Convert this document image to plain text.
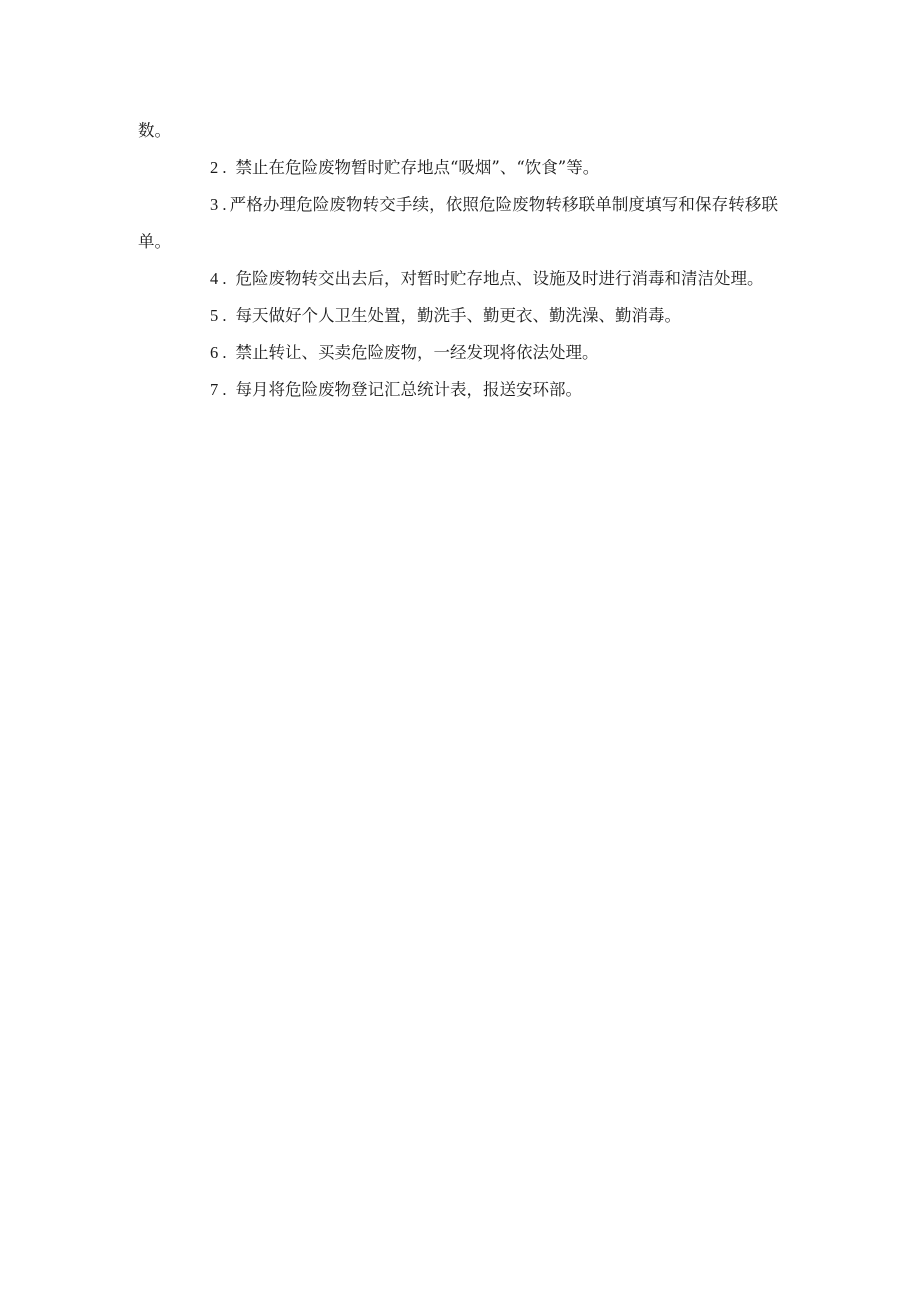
数。

2 . 禁止在危险废物暂时贮存地点“吸烟”、“饮食”等。

3 . 严格办理危险废物转交手续，依照危险废物转移联单制度填写和保存转移联单。

4 . 危险废物转交出去后，对暂时贮存地点、设施及时进行消毒和清洁处理。

5 . 每天做好个人卫生处置，勤洗手、勤更衣、勤洗澡、勤消毒。

6 . 禁止转让、买卖危险废物，一经发现将依法处理。

7 . 每月将危险废物登记汇总统计表，报送安环部。
